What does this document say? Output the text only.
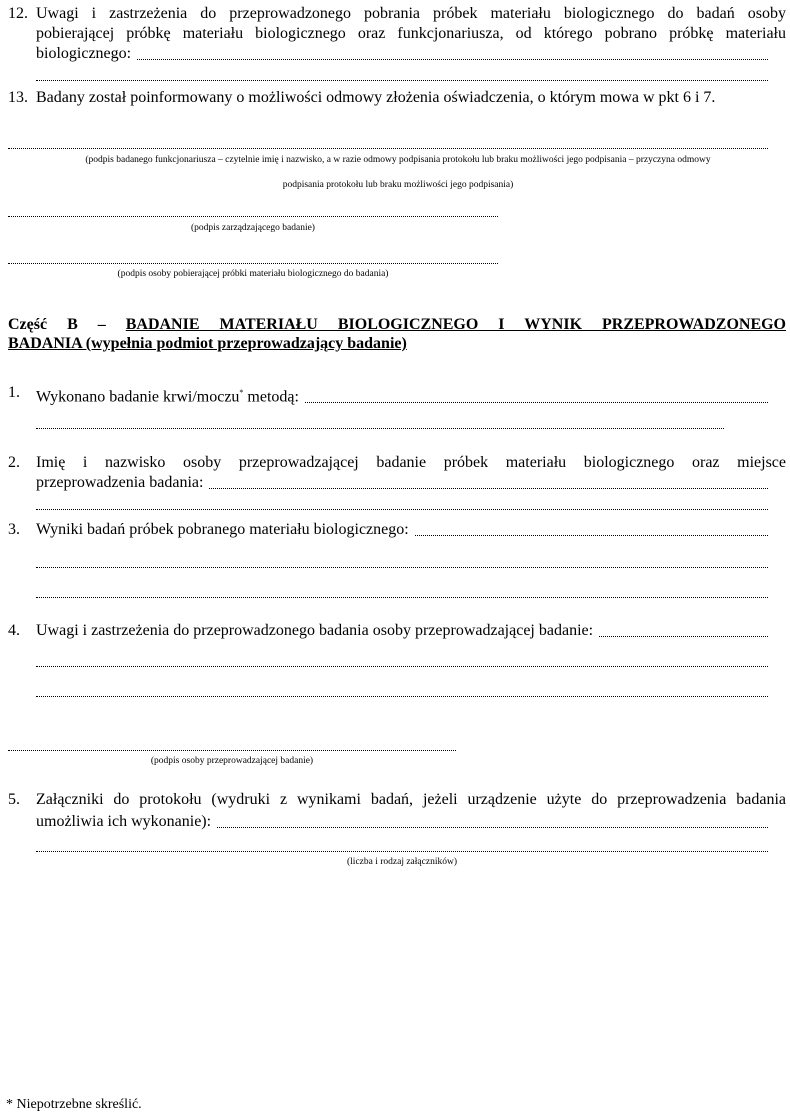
12. Uwagi i zastrzeżenia do przeprowadzonego pobrania próbek materiału biologicznego do badań osoby
pobierającej próbkę materiału biologicznego oraz funkcjonariusza, od którego pobrano próbkę materiału
biologicznego:
13. Badany został poinformowany o możliwości odmowy złożenia oświadczenia, o którym mowa w pkt 6 i 7.
(podpis badanego funkcjonariusza – czytelnie imię i nazwisko, a w razie odmowy podpisania protokołu lub braku możliwości jego podpisania – przyczyna odmowy
podpisania protokołu lub braku możliwości jego podpisania)
(podpis zarządzającego badanie)
(podpis osoby pobierającej próbki materiału biologicznego do badania)
Część B – BADANIE MATERIAŁU BIOLOGICZNEGO I WYNIK PRZEPROWADZONEGO
BADANIA (wypełnia podmiot przeprowadzający badanie)
1. Wykonano badanie krwi/moczu* metodą:
2. Imię i nazwisko osoby przeprowadzającej badanie próbek materiału biologicznego oraz miejsce
przeprowadzenia badania:
3. Wyniki badań próbek pobranego materiału biologicznego:
4. Uwagi i zastrzeżenia do przeprowadzonego badania osoby przeprowadzającej badanie:
(podpis osoby przeprowadzającej badanie)
5. Załączniki do protokołu (wydruki z wynikami badań, jeżeli urządzenie użyte do przeprowadzenia badania
umożliwia ich wykonanie):
(liczba i rodzaj załączników)
* Niepotrzebne skreślić.
